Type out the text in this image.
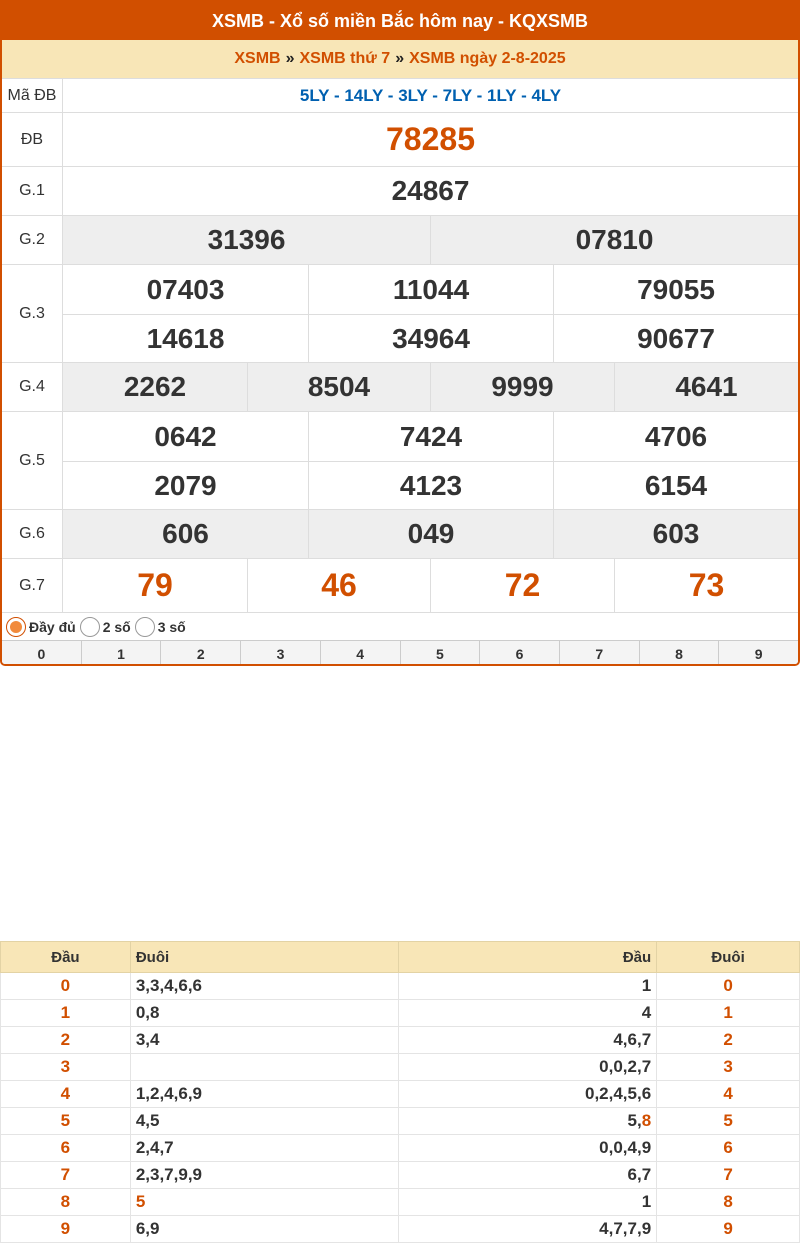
XSMB - Xổ số miền Bắc hôm nay - KQXSMB
XSMB » XSMB thứ 7 » XSMB ngày 2-8-2025
Mã ĐB	5LY - 14LY - 3LY - 7LY - 1LY - 4LY
ĐB	78285
G.1	24867
G.2	31396	07810
G.3
07403	11044	79055
14618	34964	90677
G.4	2262	8504	9999	4641
G.5
0642	7424	4706
2079	4123	6154
G.6	606	049	603
G.7	79	46	72	73
Đầy đủ 2 số 3 số
0	1	2	3	4	5	6	7	8	9
Đầu	Đuôi	Đầu	Đuôi
0	3,3,4,6,6	1	0
1	0,8	4	1
2	3,4	4,6,7	2
3		0,0,2,7	3
4	1,2,4,6,9	0,2,4,5,6	4
5	4,5	5,8	5
6	2,4,7	0,0,4,9	6
7	2,3,7,9,9	6,7	7
8	5	1	8
9	6,9	4,7,7,9	9
